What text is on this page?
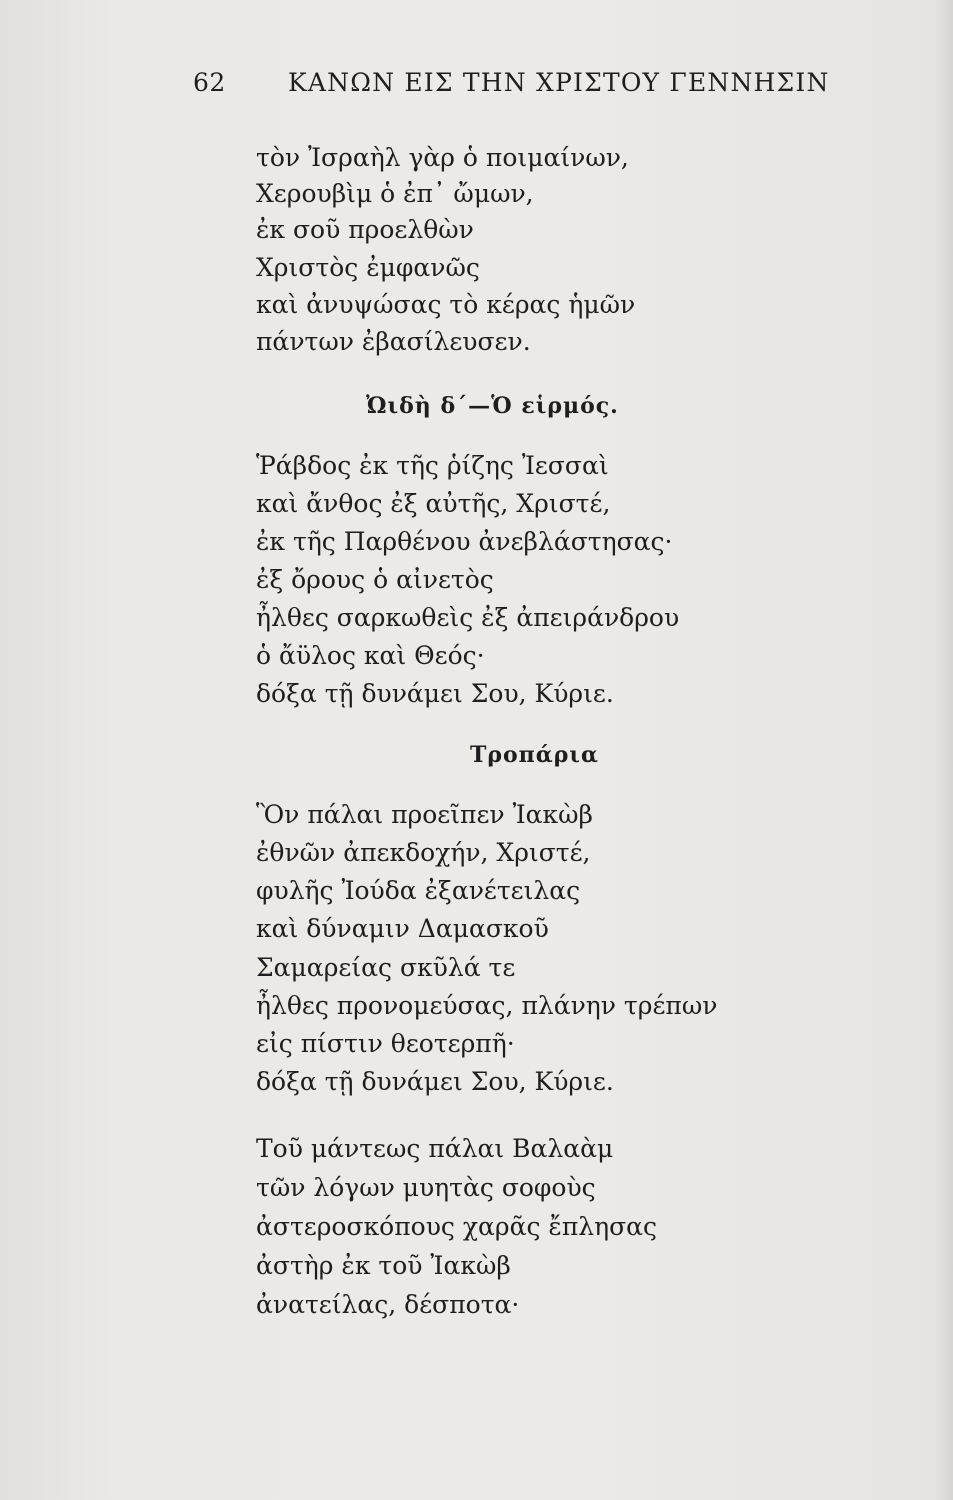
62 ΚΑΝΩΝ ΕΙΣ ΤΗΝ ΧΡΙΣΤΟΥ ΓΕΝΝΗΣΙΝ
τὸν Ἰσραὴλ γὰρ ὁ ποιμαίνων,
Χερουβὶμ ὁ ἐπ᾽ ὤμων,
ἐκ σοῦ προελθὼν
Χριστὸς ἐμφανῶς
καὶ ἀνυψώσας τὸ κέρας ἡμῶν
πάντων ἐβασίλευσεν.
Ὠιδὴ δ´—Ὁ εἱρμός.
Ῥάβδος ἐκ τῆς ῥίζης Ἰεσσαὶ
καὶ ἄνθος ἐξ αὐτῆς, Χριστέ,
ἐκ τῆς Παρθένου ἀνεβλάστησας·
ἐξ ὄρους ὁ αἰνετὸς
ἦλθες σαρκωθεὶς ἐξ ἀπειράνδρου
ὁ ἄϋλος καὶ Θεός·
δόξα τῇ δυνάμει Σου, Κύριε.
Τροπάρια
Ὃν πάλαι προεῖπεν Ἰακὼβ
ἐθνῶν ἀπεκδοχήν, Χριστέ,
φυλῆς Ἰούδα ἐξανέτειλας
καὶ δύναμιν Δαμασκοῦ
Σαμαρείας σκῦλά τε
ἦλθες προνομεύσας, πλάνην τρέπων
εἰς πίστιν θεοτερπῆ·
δόξα τῇ δυνάμει Σου, Κύριε.
Τοῦ μάντεως πάλαι Βαλαὰμ
τῶν λόγων μυητὰς σοφοὺς
ἀστεροσκόπους χαρᾶς ἔπλησας
ἀστὴρ ἐκ τοῦ Ἰακὼβ
ἀνατείλας, δέσποτα·
